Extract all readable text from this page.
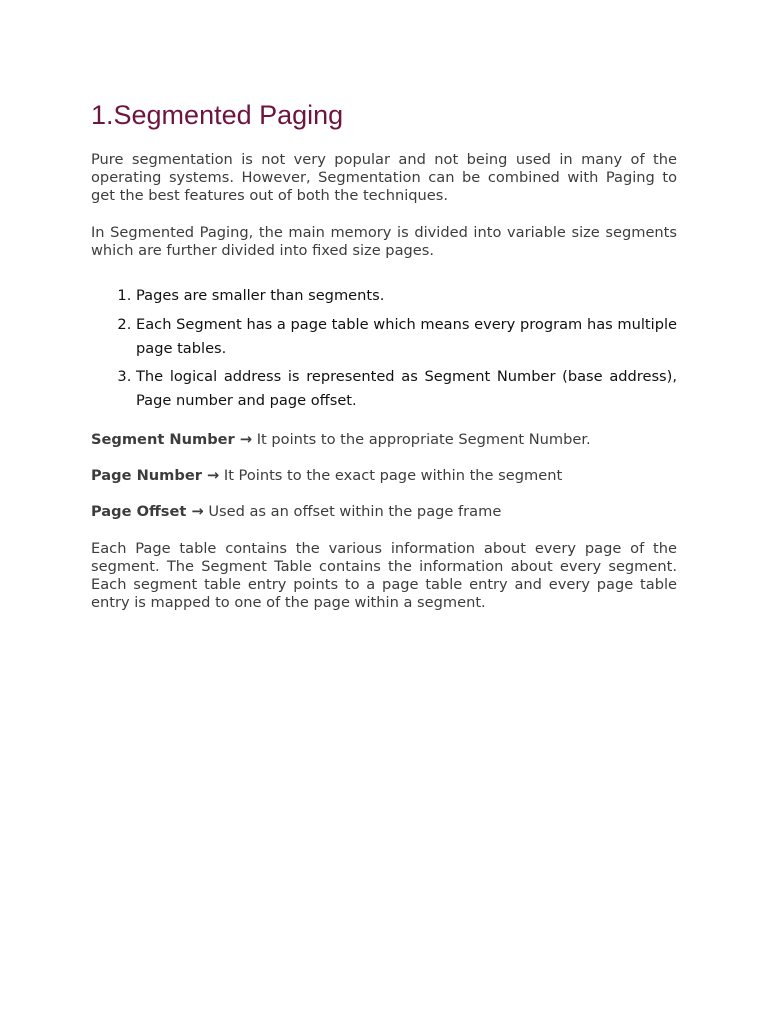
1.Segmented Paging

Pure segmentation is not very popular and not being used in many of the operating systems. However, Segmentation can be combined with Paging to get the best features out of both the techniques.

In Segmented Paging, the main memory is divided into variable size segments which are further divided into fixed size pages.

1. Pages are smaller than segments.
2. Each Segment has a page table which means every program has multiple page tables.
3. The logical address is represented as Segment Number (base address), Page number and page offset.

Segment Number → It points to the appropriate Segment Number.

Page Number → It Points to the exact page within the segment

Page Offset → Used as an offset within the page frame

Each Page table contains the various information about every page of the segment. The Segment Table contains the information about every segment. Each segment table entry points to a page table entry and every page table entry is mapped to one of the page within a segment.
